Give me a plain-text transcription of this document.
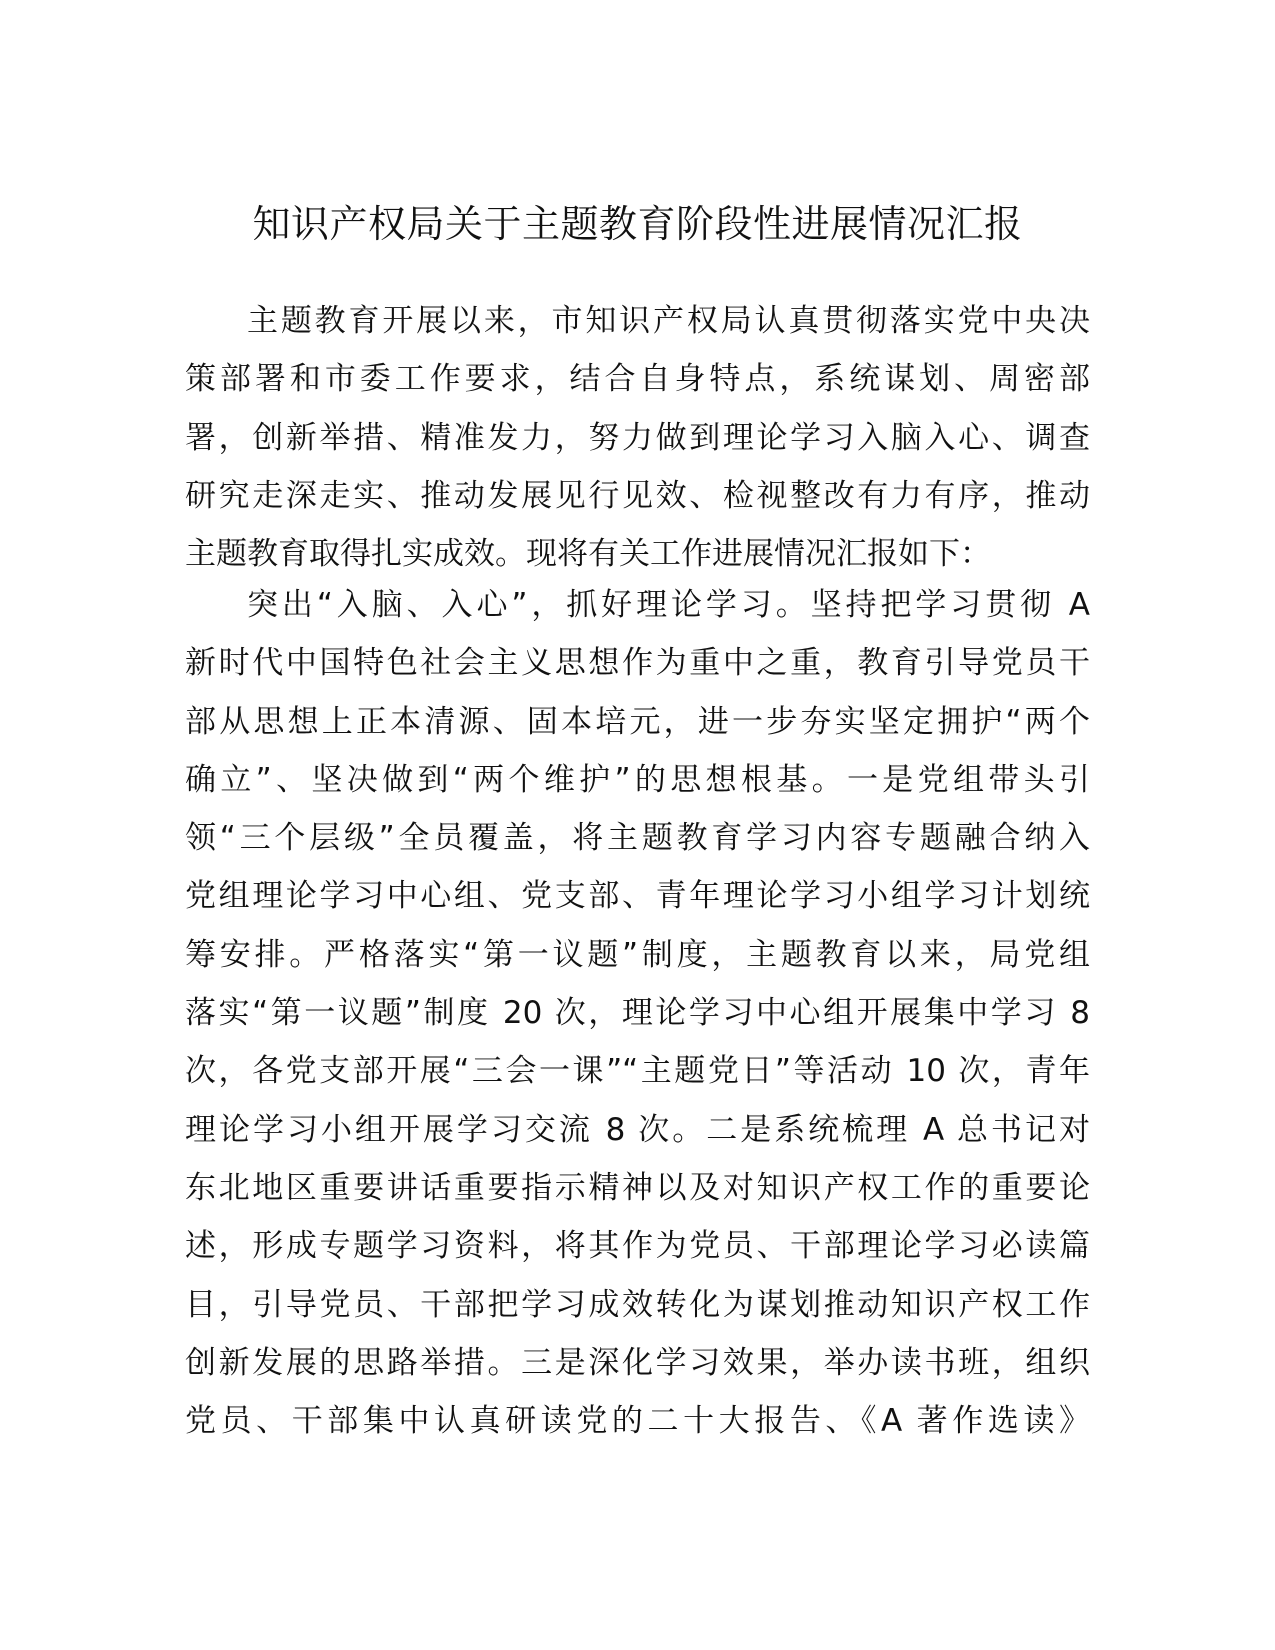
知识产权局关于主题教育阶段性进展情况汇报
主题教育开展以来，市知识产权局认真贯彻落实党中央决
策部署和市委工作要求，结合自身特点，系统谋划、周密部
署，创新举措、精准发力，努力做到理论学习入脑入心、调查
研究走深走实、推动发展见行见效、检视整改有力有序，推动
主题教育取得扎实成效。现将有关工作进展情况汇报如下：
突出“入脑、入心”，抓好理论学习。坚持把学习贯彻 A
新时代中国特色社会主义思想作为重中之重，教育引导党员干
部从思想上正本清源、固本培元，进一步夯实坚定拥护“两个
确立”、坚决做到“两个维护”的思想根基。一是党组带头引
领“三个层级”全员覆盖，将主题教育学习内容专题融合纳入
党组理论学习中心组、党支部、青年理论学习小组学习计划统
筹安排。严格落实“第一议题”制度，主题教育以来，局党组
落实“第一议题”制度 20 次，理论学习中心组开展集中学习 8
次，各党支部开展“三会一课”“主题党日”等活动 10 次，青年
理论学习小组开展学习交流 8 次。二是系统梳理 A 总书记对
东北地区重要讲话重要指示精神以及对知识产权工作的重要论
述，形成专题学习资料，将其作为党员、干部理论学习必读篇
目，引导党员、干部把学习成效转化为谋划推动知识产权工作
创新发展的思路举措。三是深化学习效果，举办读书班，组织
党员、干部集中认真研读党的二十大报告、《A 著作选读》
